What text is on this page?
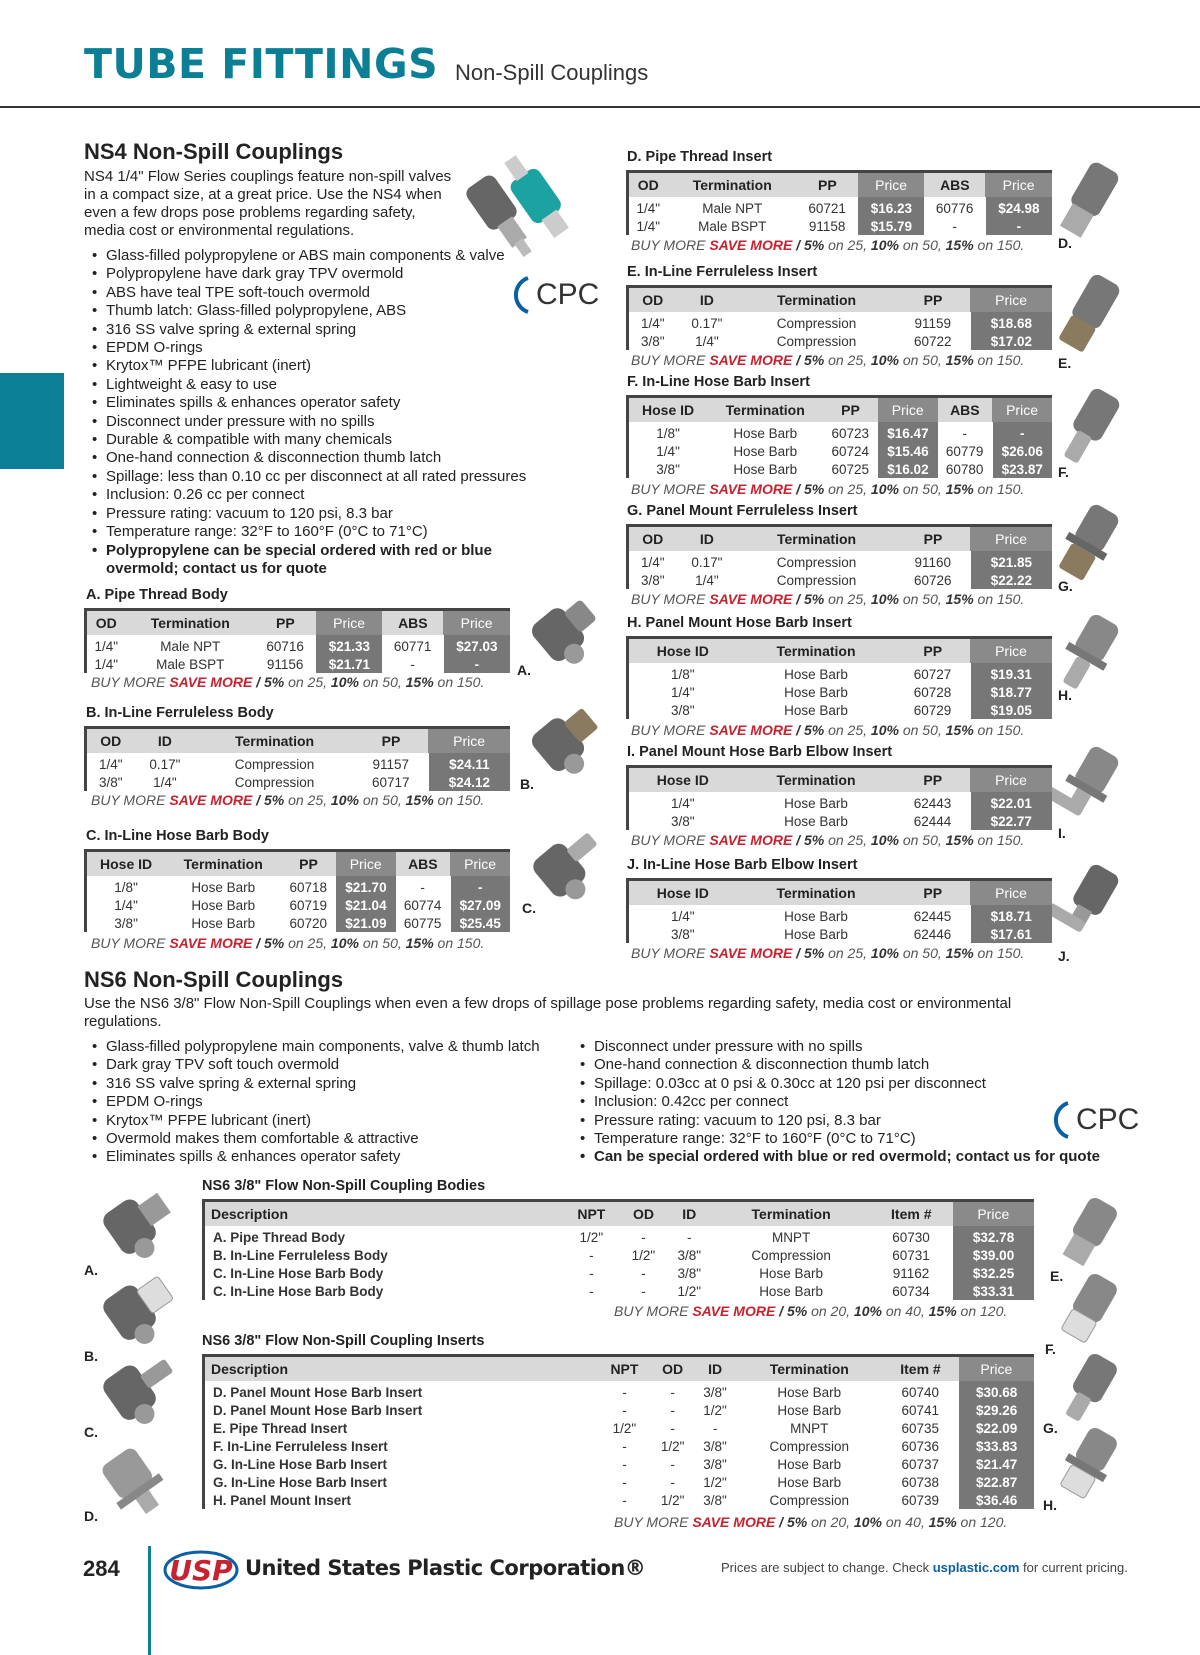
TUBE FITTINGS Non-Spill Couplings
NS4 Non-Spill Couplings
NS4 1/4" Flow Series couplings feature non-spill valves
in a compact size, at a great price. Use the NS4 when
even a few drops pose problems regarding safety,
media cost or environmental regulations.
• Glass-filled polypropylene or ABS main components & valve
• Polypropylene have dark gray TPV overmold
• ABS have teal TPE soft-touch overmold
• Thumb latch: Glass-filled polypropylene, ABS
• 316 SS valve spring & external spring
• EPDM O-rings
• Krytox™ PFPE lubricant (inert)
• Lightweight & easy to use
• Eliminates spills & enhances operator safety
• Disconnect under pressure with no spills
• Durable & compatible with many chemicals
• One-hand connection & disconnection thumb latch
• Spillage: less than 0.10 cc per disconnect at all rated pressures
• Inclusion: 0.26 cc per connect
• Pressure rating: vacuum to 120 psi, 8.3 bar
• Temperature range: 32°F to 160°F (0°C to 71°C)
• Polypropylene can be special ordered with red or blue
overmold; contact us for quote
CPC
A. Pipe Thread Body
OD	Termination	PP	Price	ABS	Price
1/4"	Male NPT	60716	$21.33	60771	$27.03
1/4"	Male BSPT	91156	$21.71	-	-
BUY MORE SAVE MORE / 5% on 25, 10% on 50, 15% on 150.
A.
B. In-Line Ferruleless Body
OD	ID	Termination	PP	Price
1/4"	0.17"	Compression	91157	$24.11
3/8"	1/4"	Compression	60717	$24.12
BUY MORE SAVE MORE / 5% on 25, 10% on 50, 15% on 150.
B.
C. In-Line Hose Barb Body
Hose ID	Termination	PP	Price	ABS	Price
1/8"	Hose Barb	60718	$21.70	-	-
1/4"	Hose Barb	60719	$21.04	60774	$27.09
3/8"	Hose Barb	60720	$21.09	60775	$25.45
BUY MORE SAVE MORE / 5% on 25, 10% on 50, 15% on 150.
C.
D. Pipe Thread Insert
OD	Termination	PP	Price	ABS	Price
1/4"	Male NPT	60721	$16.23	60776	$24.98
1/4"	Male BSPT	91158	$15.79	-	-
BUY MORE SAVE MORE / 5% on 25, 10% on 50, 15% on 150. D.
E. In-Line Ferruleless Insert
OD	ID	Termination	PP	Price
1/4"	0.17"	Compression	91159	$18.68
3/8"	1/4"	Compression	60722	$17.02
BUY MORE SAVE MORE / 5% on 25, 10% on 50, 15% on 150. E.
F. In-Line Hose Barb Insert
Hose ID	Termination	PP	Price	ABS	Price
1/8"	Hose Barb	60723	$16.47	-	-
1/4"	Hose Barb	60724	$15.46	60779	$26.06
3/8"	Hose Barb	60725	$16.02	60780	$23.87
BUY MORE SAVE MORE / 5% on 25, 10% on 50, 15% on 150.
F.
G. Panel Mount Ferruleless Insert
OD	ID	Termination	PP	Price
1/4"	0.17"	Compression	91160	$21.85
3/8"	1/4"	Compression	60726	$22.22
BUY MORE SAVE MORE / 5% on 25, 10% on 50, 15% on 150.
G.
H. Panel Mount Hose Barb Insert
Hose ID	Termination	PP	Price
1/8"	Hose Barb	60727	$19.31
1/4"	Hose Barb	60728	$18.77
3/8"	Hose Barb	60729	$19.05
BUY MORE SAVE MORE / 5% on 25, 10% on 50, 15% on 150.
H.
I. Panel Mount Hose Barb Elbow Insert
Hose ID	Termination	PP	Price
1/4"	Hose Barb	62443	$22.01
3/8"	Hose Barb	62444	$22.77
BUY MORE SAVE MORE / 5% on 25, 10% on 50, 15% on 150. I.
J. In-Line Hose Barb Elbow Insert
Hose ID	Termination	PP	Price
1/4"	Hose Barb	62445	$18.71
3/8"	Hose Barb	62446	$17.61
BUY MORE SAVE MORE / 5% on 25, 10% on 50, 15% on 150. J.
NS6 Non-Spill Couplings
Use the NS6 3/8" Flow Non-Spill Couplings when even a few drops of spillage pose problems regarding safety, media cost or environmental
regulations.
• Glass-filled polypropylene main components, valve & thumb latch
• Dark gray TPV soft touch overmold
• 316 SS valve spring & external spring
• EPDM O-rings
• Krytox™ PFPE lubricant (inert)
• Overmold makes them comfortable & attractive
• Eliminates spills & enhances operator safety
• Disconnect under pressure with no spills
• One-hand connection & disconnection thumb latch
• Spillage: 0.03cc at 0 psi & 0.30cc at 120 psi per disconnect
• Inclusion: 0.42cc per connect
• Pressure rating: vacuum to 120 psi, 8.3 bar
• Temperature range: 32°F to 160°F (0°C to 71°C)
• Can be special ordered with blue or red overmold; contact us for quote
CPC
NS6 3/8" Flow Non-Spill Coupling Bodies
Description	NPT	OD	ID	Termination	Item #	Price
A. Pipe Thread Body	1/2"	-	-	MNPT	60730	$32.78
B. In-Line Ferruleless Body	-	1/2"	3/8"	Compression	60731	$39.00
C. In-Line Hose Barb Body	-	-	3/8"	Hose Barb	91162	$32.25
C. In-Line Hose Barb Body	-	-	1/2"	Hose Barb	60734	$33.31
BUY MORE SAVE MORE / 5% on 20, 10% on 40, 15% on 120.
NS6 3/8" Flow Non-Spill Coupling Inserts
Description	NPT	OD	ID	Termination	Item #	Price
D. Panel Mount Hose Barb Insert	-	-	3/8"	Hose Barb	60740	$30.68
D. Panel Mount Hose Barb Insert	-	-	1/2"	Hose Barb	60741	$29.26
E. Pipe Thread Insert	1/2"	-	-	MNPT	60735	$22.09
F. In-Line Ferruleless Insert	-	1/2"	3/8"	Compression	60736	$33.83
G. In-Line Hose Barb Insert	-	-	3/8"	Hose Barb	60737	$21.47
G. In-Line Hose Barb Insert	-	-	1/2"	Hose Barb	60738	$22.87
H. Panel Mount Insert	-	1/2"	3/8"	Compression	60739	$36.46
BUY MORE SAVE MORE / 5% on 20, 10% on 40, 15% on 120.
A.
B.
C.
D.
E.
F.
G.
H.
284 USP United States Plastic Corporation®	Prices are subject to change. Check usplastic.com for current pricing.
